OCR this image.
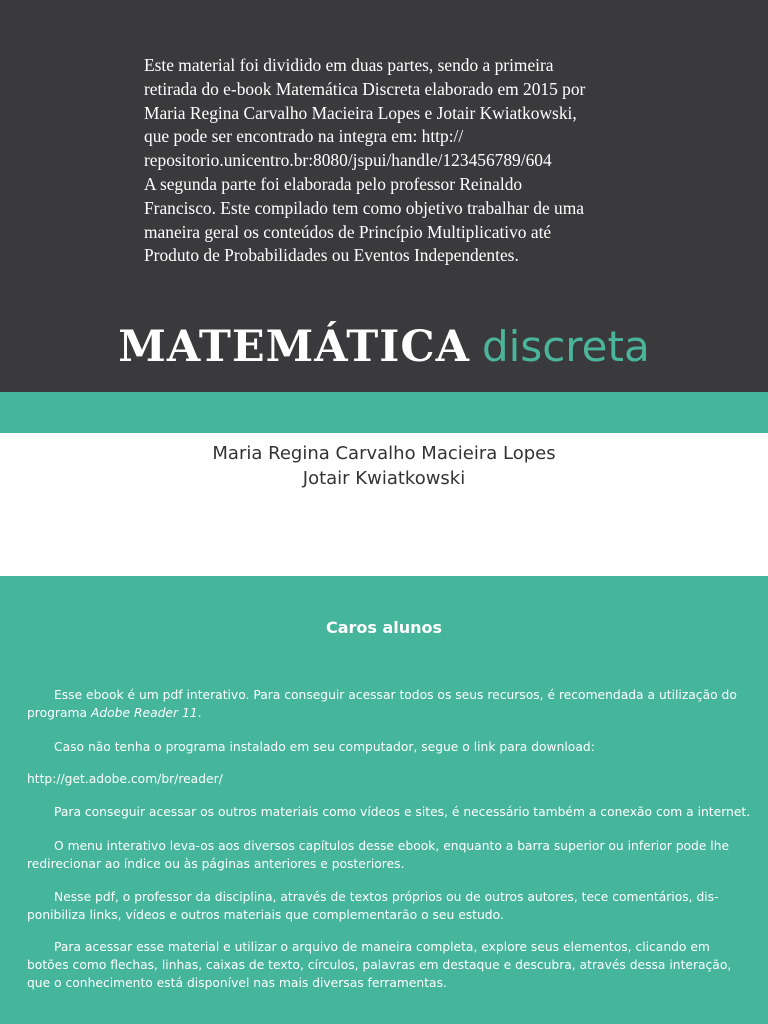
Este material foi dividido em duas partes, sendo a primeira
retirada do e-book Matemática Discreta elaborado em 2015 por
Maria Regina Carvalho Macieira Lopes e Jotair Kwiatkowski,
que pode ser encontrado na integra em: http://
repositorio.unicentro.br:8080/jspui/handle/123456789/604
A segunda parte foi elaborada pelo professor Reinaldo
Francisco. Este compilado tem como objetivo trabalhar de uma
maneira geral os conteúdos de Princípio Multiplicativo até
Produto de Probabilidades ou Eventos Independentes.
MATEMÁTICA discreta
Maria Regina Carvalho Macieira Lopes
Jotair Kwiatkowski
Caros alunos
Esse ebook é um pdf interativo. Para conseguir acessar todos os seus recursos, é recomendada a utilização do
programa Adobe Reader 11.
Caso não tenha o programa instalado em seu computador, segue o link para download:
http://get.adobe.com/br/reader/
Para conseguir acessar os outros materiais como vídeos e sites, é necessário também a conexão com a internet.
O menu interativo leva-os aos diversos capítulos desse ebook, enquanto a barra superior ou inferior pode lhe
redirecionar ao índice ou às páginas anteriores e posteriores.
Nesse pdf, o professor da disciplina, através de textos próprios ou de outros autores, tece comentários, dis-
ponibiliza links, vídeos e outros materiais que complementarão o seu estudo.
Para acessar esse material e utilizar o arquivo de maneira completa, explore seus elementos, clicando em
botões como flechas, linhas, caixas de texto, círculos, palavras em destaque e descubra, através dessa interação,
que o conhecimento está disponível nas mais diversas ferramentas.
